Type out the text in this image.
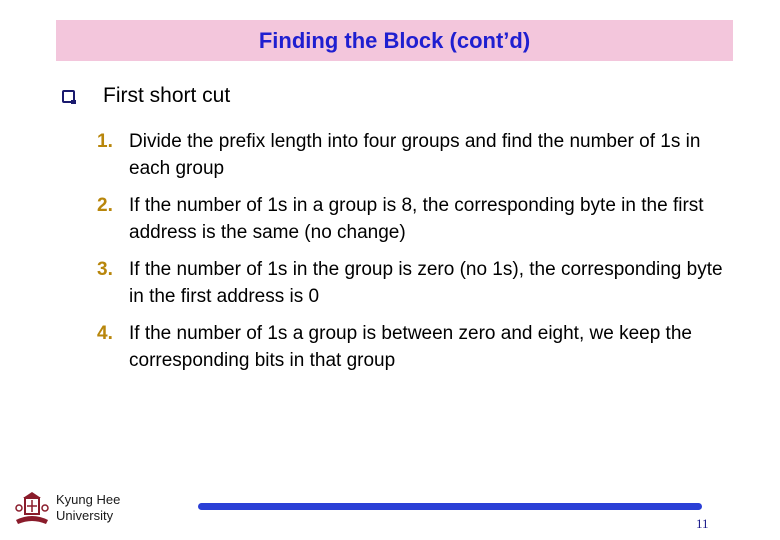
Finding the Block (cont’d)
First short cut
1. Divide the prefix length into four groups and find the number of 1s in each group
2. If the number of 1s in a group is 8, the corresponding byte in the first address is the same (no change)
3. If the number of 1s in the group is zero (no 1s), the corresponding byte in the first address is 0
4. If the number of 1s a group is between zero and eight, we keep the corresponding bits in that group
Kyung Hee
University
11
